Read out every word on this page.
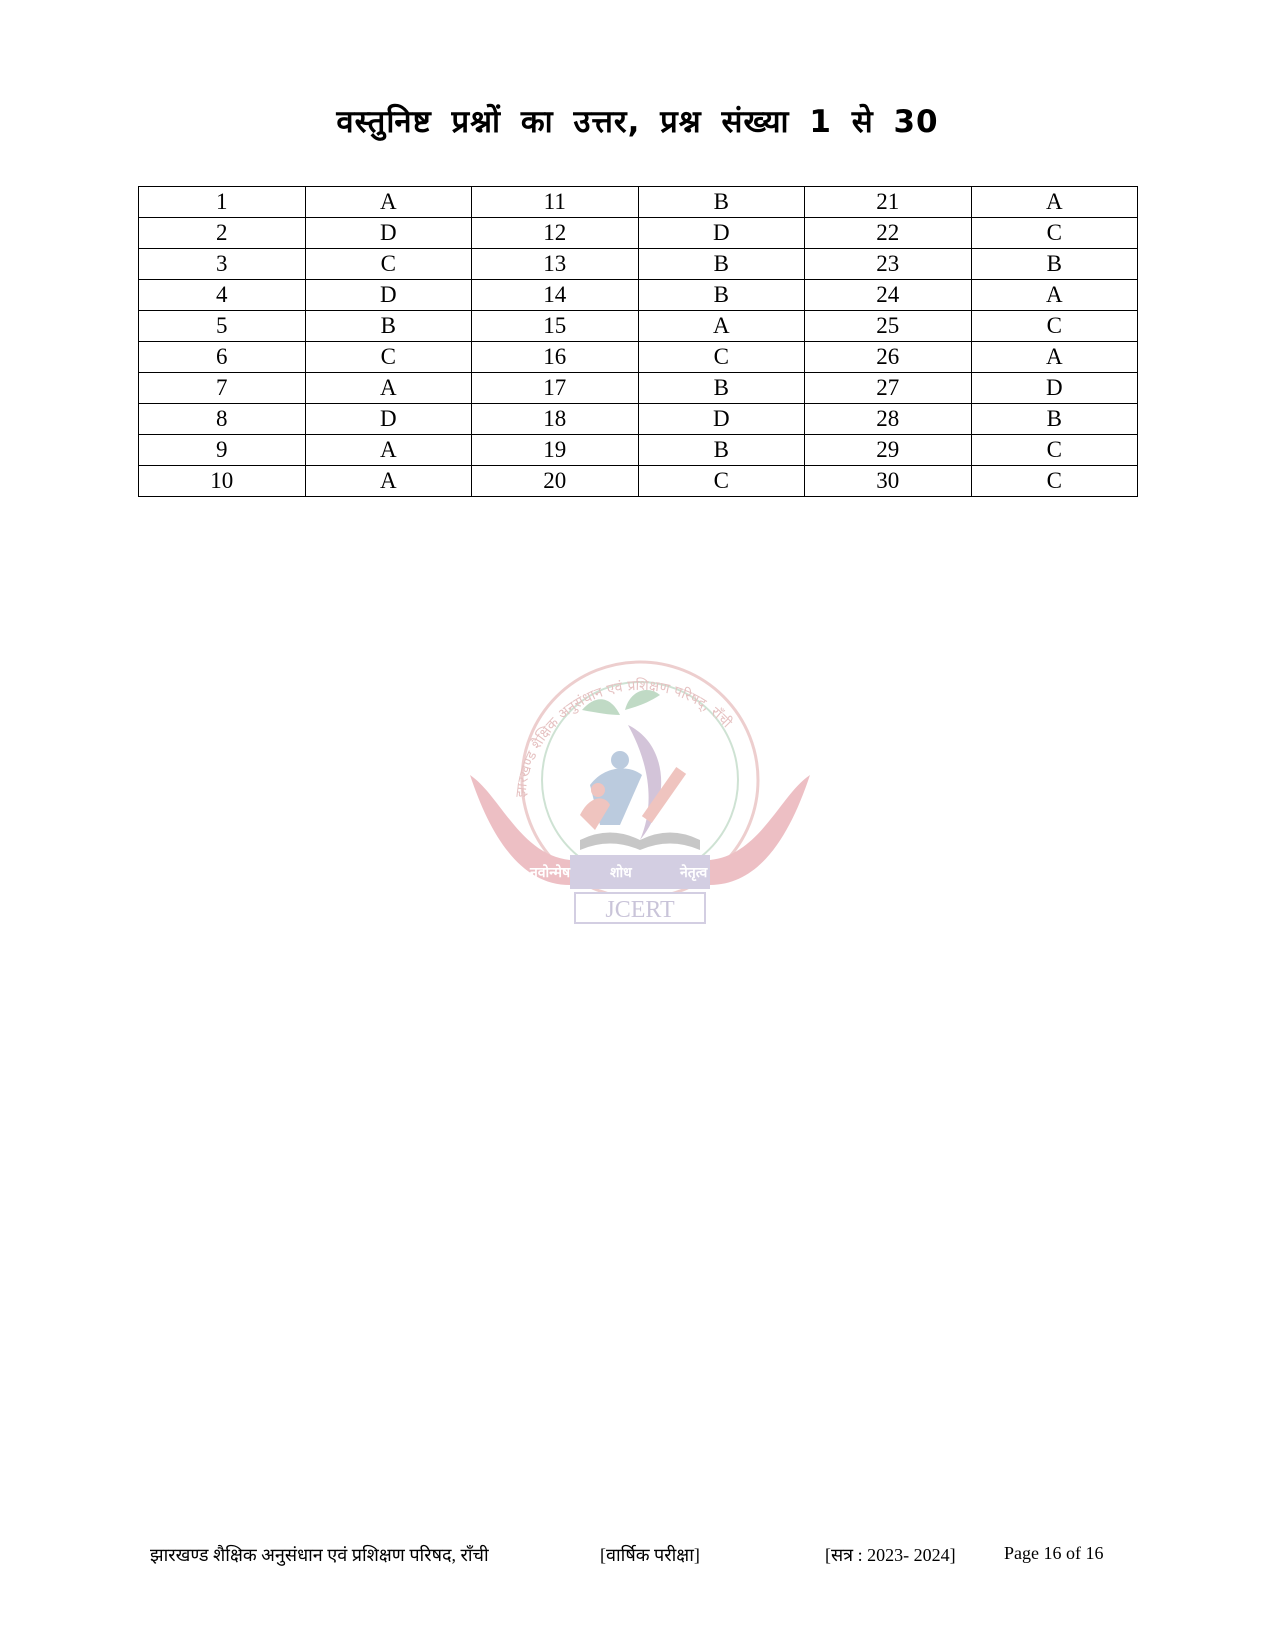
वस्तुनिष्ट प्रश्नों का उत्तर, प्रश्न संख्या 1 से 30
1	A	11	B	21	A
2	D	12	D	22	C
3	C	13	B	23	B
4	D	14	B	24	A
5	B	15	A	25	C
6	C	16	C	26	A
7	A	17	B	27	D
8	D	18	D	28	B
9	A	19	B	29	C
10	A	20	C	30	C
झारखण्ड शैक्षिक अनुसंधान एवं प्रशिक्षण परिषद्, राँची
नवोन्मेष	शोध	नेतृत्व
JCERT
झारखण्ड शैक्षिक अनुसंधान एवं प्रशिक्षण परिषद, राँची	[वार्षिक परीक्षा]	[सत्र : 2023- 2024]	Page 16 of 16
